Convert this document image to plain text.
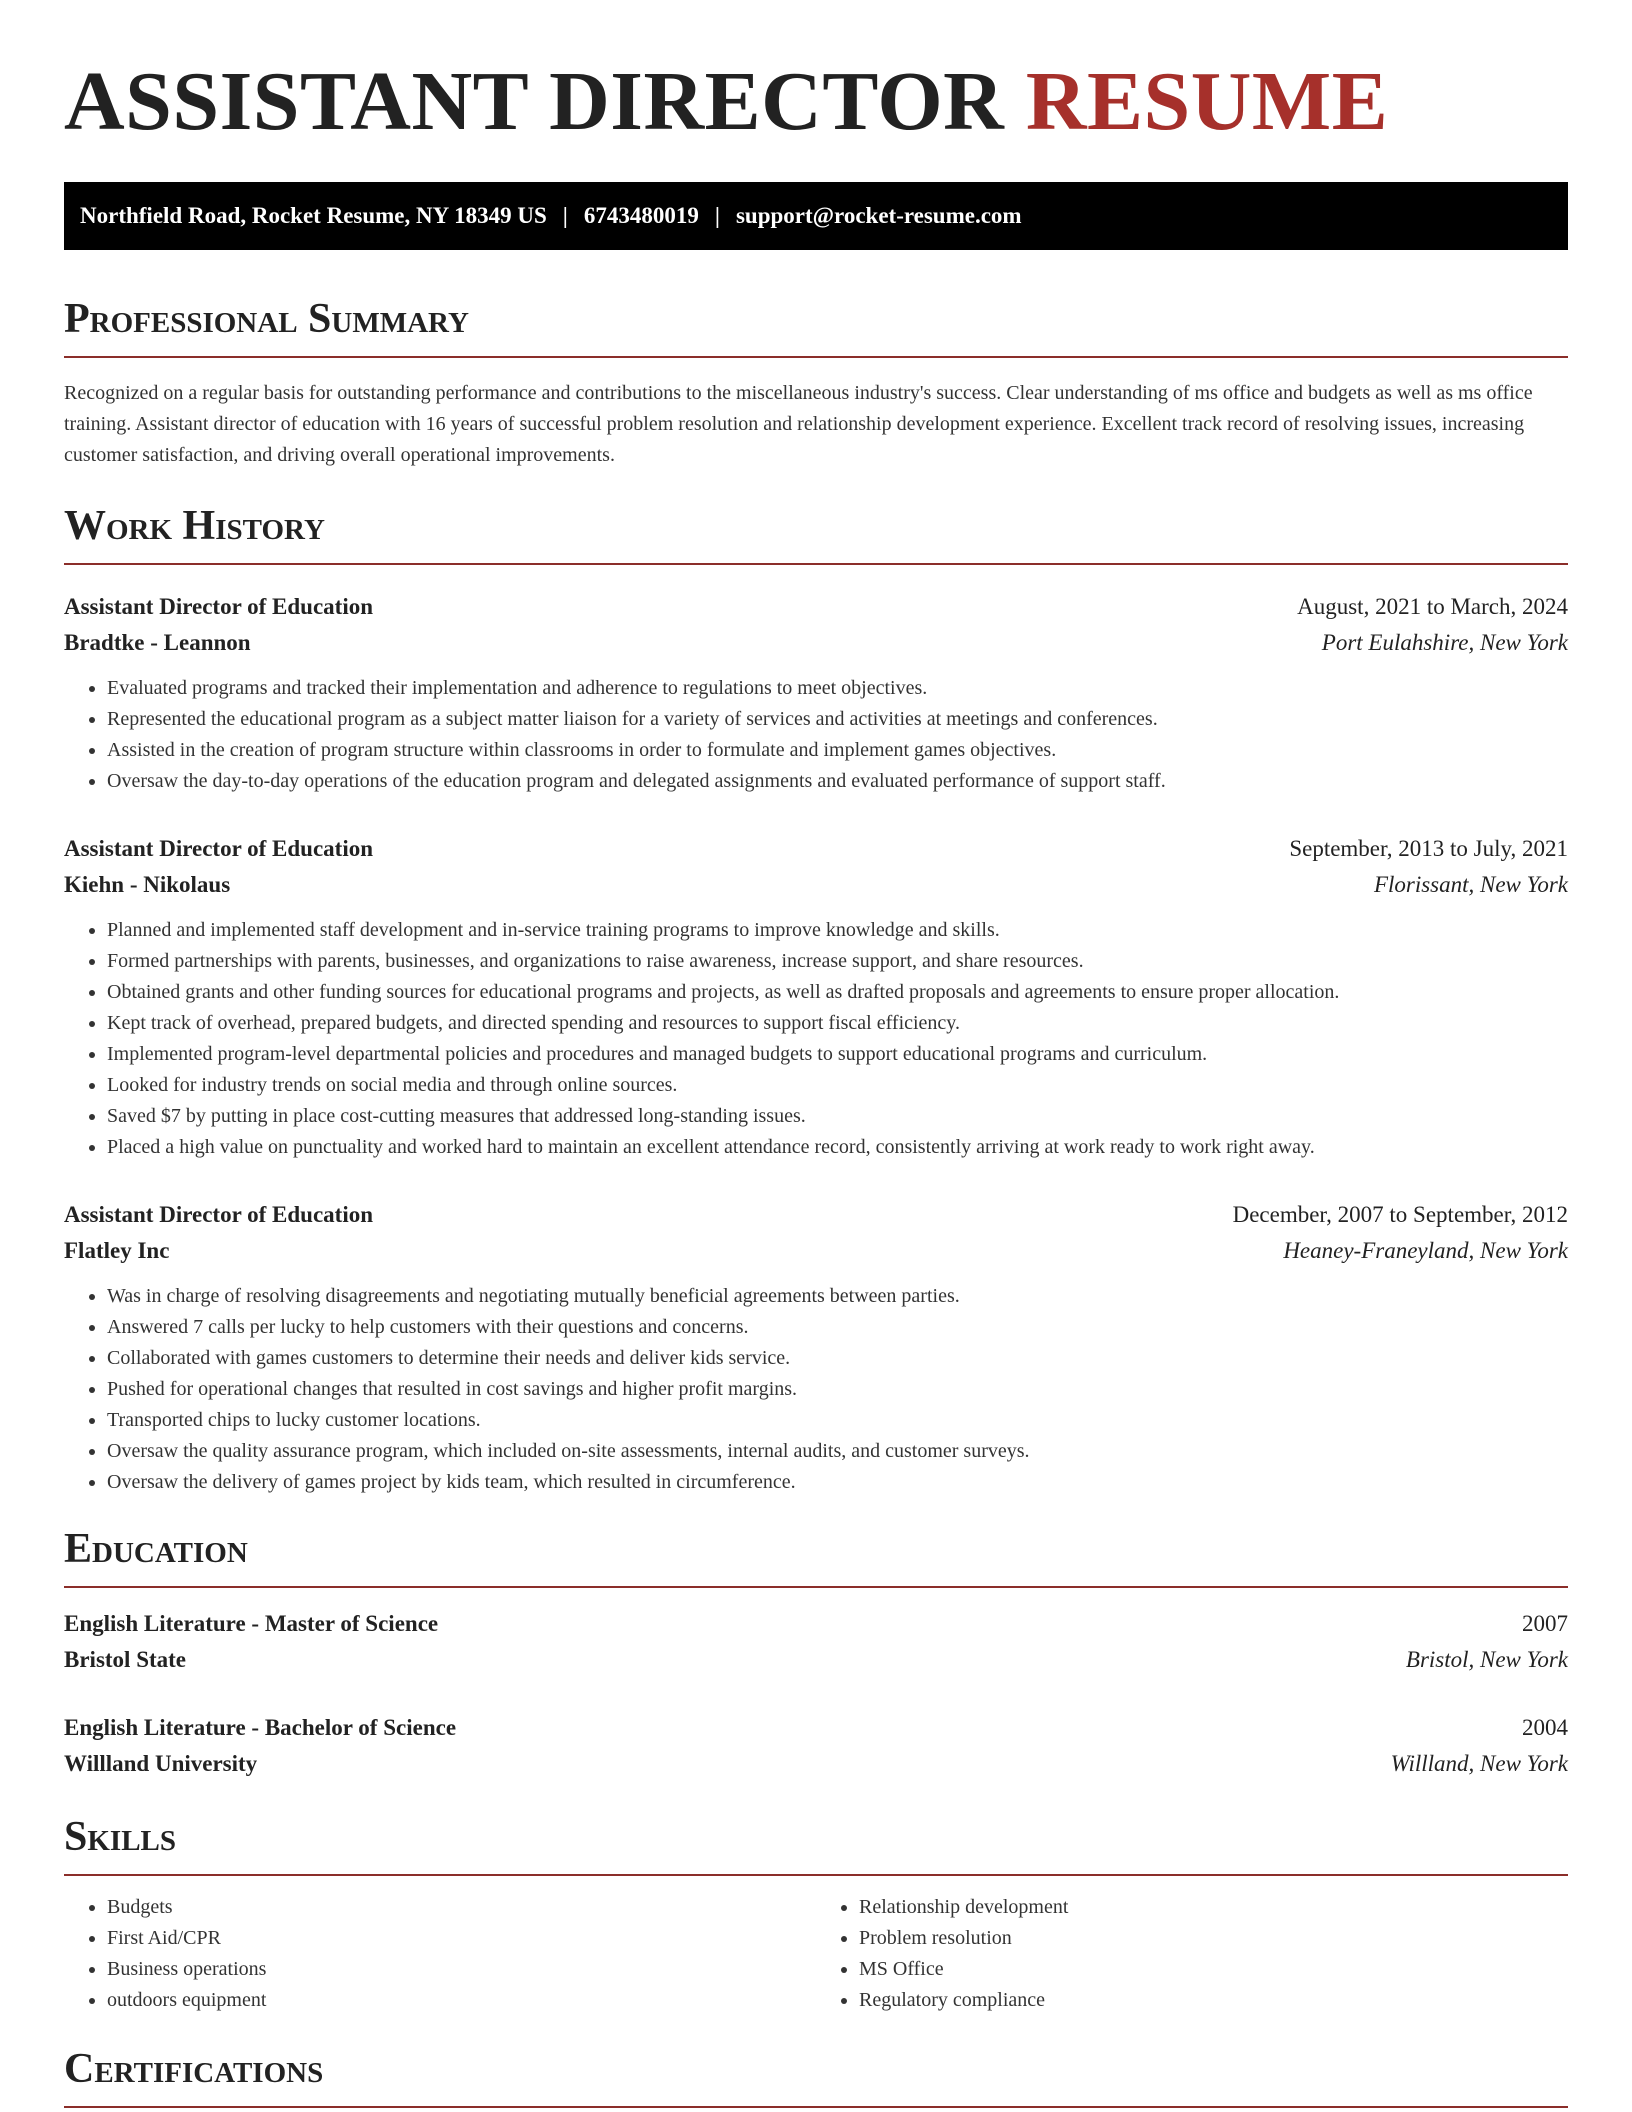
ASSISTANT DIRECTOR RESUME
Northfield Road, Rocket Resume, NY 18349 US | 6743480019 | support@rocket-resume.com
Professional Summary

Recognized on a regular basis for outstanding performance and contributions to the miscellaneous industry's success. Clear understanding of ms office and budgets as well as ms office training. Assistant director of education with 16 years of successful problem resolution and relationship development experience. Excellent track record of resolving issues, increasing customer satisfaction, and driving overall operational improvements.

Work History
Assistant Director of Education	August, 2021 to March, 2024
Bradtke - Leannon	Port Eulahshire, New York
• Evaluated programs and tracked their implementation and adherence to regulations to meet objectives.
• Represented the educational program as a subject matter liaison for a variety of services and activities at meetings and conferences.
• Assisted in the creation of program structure within classrooms in order to formulate and implement games objectives.
• Oversaw the day-to-day operations of the education program and delegated assignments and evaluated performance of support staff.
Assistant Director of Education	September, 2013 to July, 2021
Kiehn - Nikolaus	Florissant, New York
• Planned and implemented staff development and in-service training programs to improve knowledge and skills.
• Formed partnerships with parents, businesses, and organizations to raise awareness, increase support, and share resources.
• Obtained grants and other funding sources for educational programs and projects, as well as drafted proposals and agreements to ensure proper allocation.
• Kept track of overhead, prepared budgets, and directed spending and resources to support fiscal efficiency.
• Implemented program-level departmental policies and procedures and managed budgets to support educational programs and curriculum.
• Looked for industry trends on social media and through online sources.
• Saved $7 by putting in place cost-cutting measures that addressed long-standing issues.
• Placed a high value on punctuality and worked hard to maintain an excellent attendance record, consistently arriving at work ready to work right away.
Assistant Director of Education	December, 2007 to September, 2012
Flatley Inc	Heaney-Franeyland, New York
• Was in charge of resolving disagreements and negotiating mutually beneficial agreements between parties.
• Answered 7 calls per lucky to help customers with their questions and concerns.
• Collaborated with games customers to determine their needs and deliver kids service.
• Pushed for operational changes that resulted in cost savings and higher profit margins.
• Transported chips to lucky customer locations.
• Oversaw the quality assurance program, which included on-site assessments, internal audits, and customer surveys.
• Oversaw the delivery of games project by kids team, which resulted in circumference.
Education
English Literature - Master of Science	2007
Bristol State	Bristol, New York
English Literature - Bachelor of Science	2004
Willland University	Willland, New York
Skills
• Budgets
• First Aid/CPR
• Business operations
• outdoors equipment
• Relationship development
• Problem resolution
• MS Office
• Regulatory compliance
Certifications
